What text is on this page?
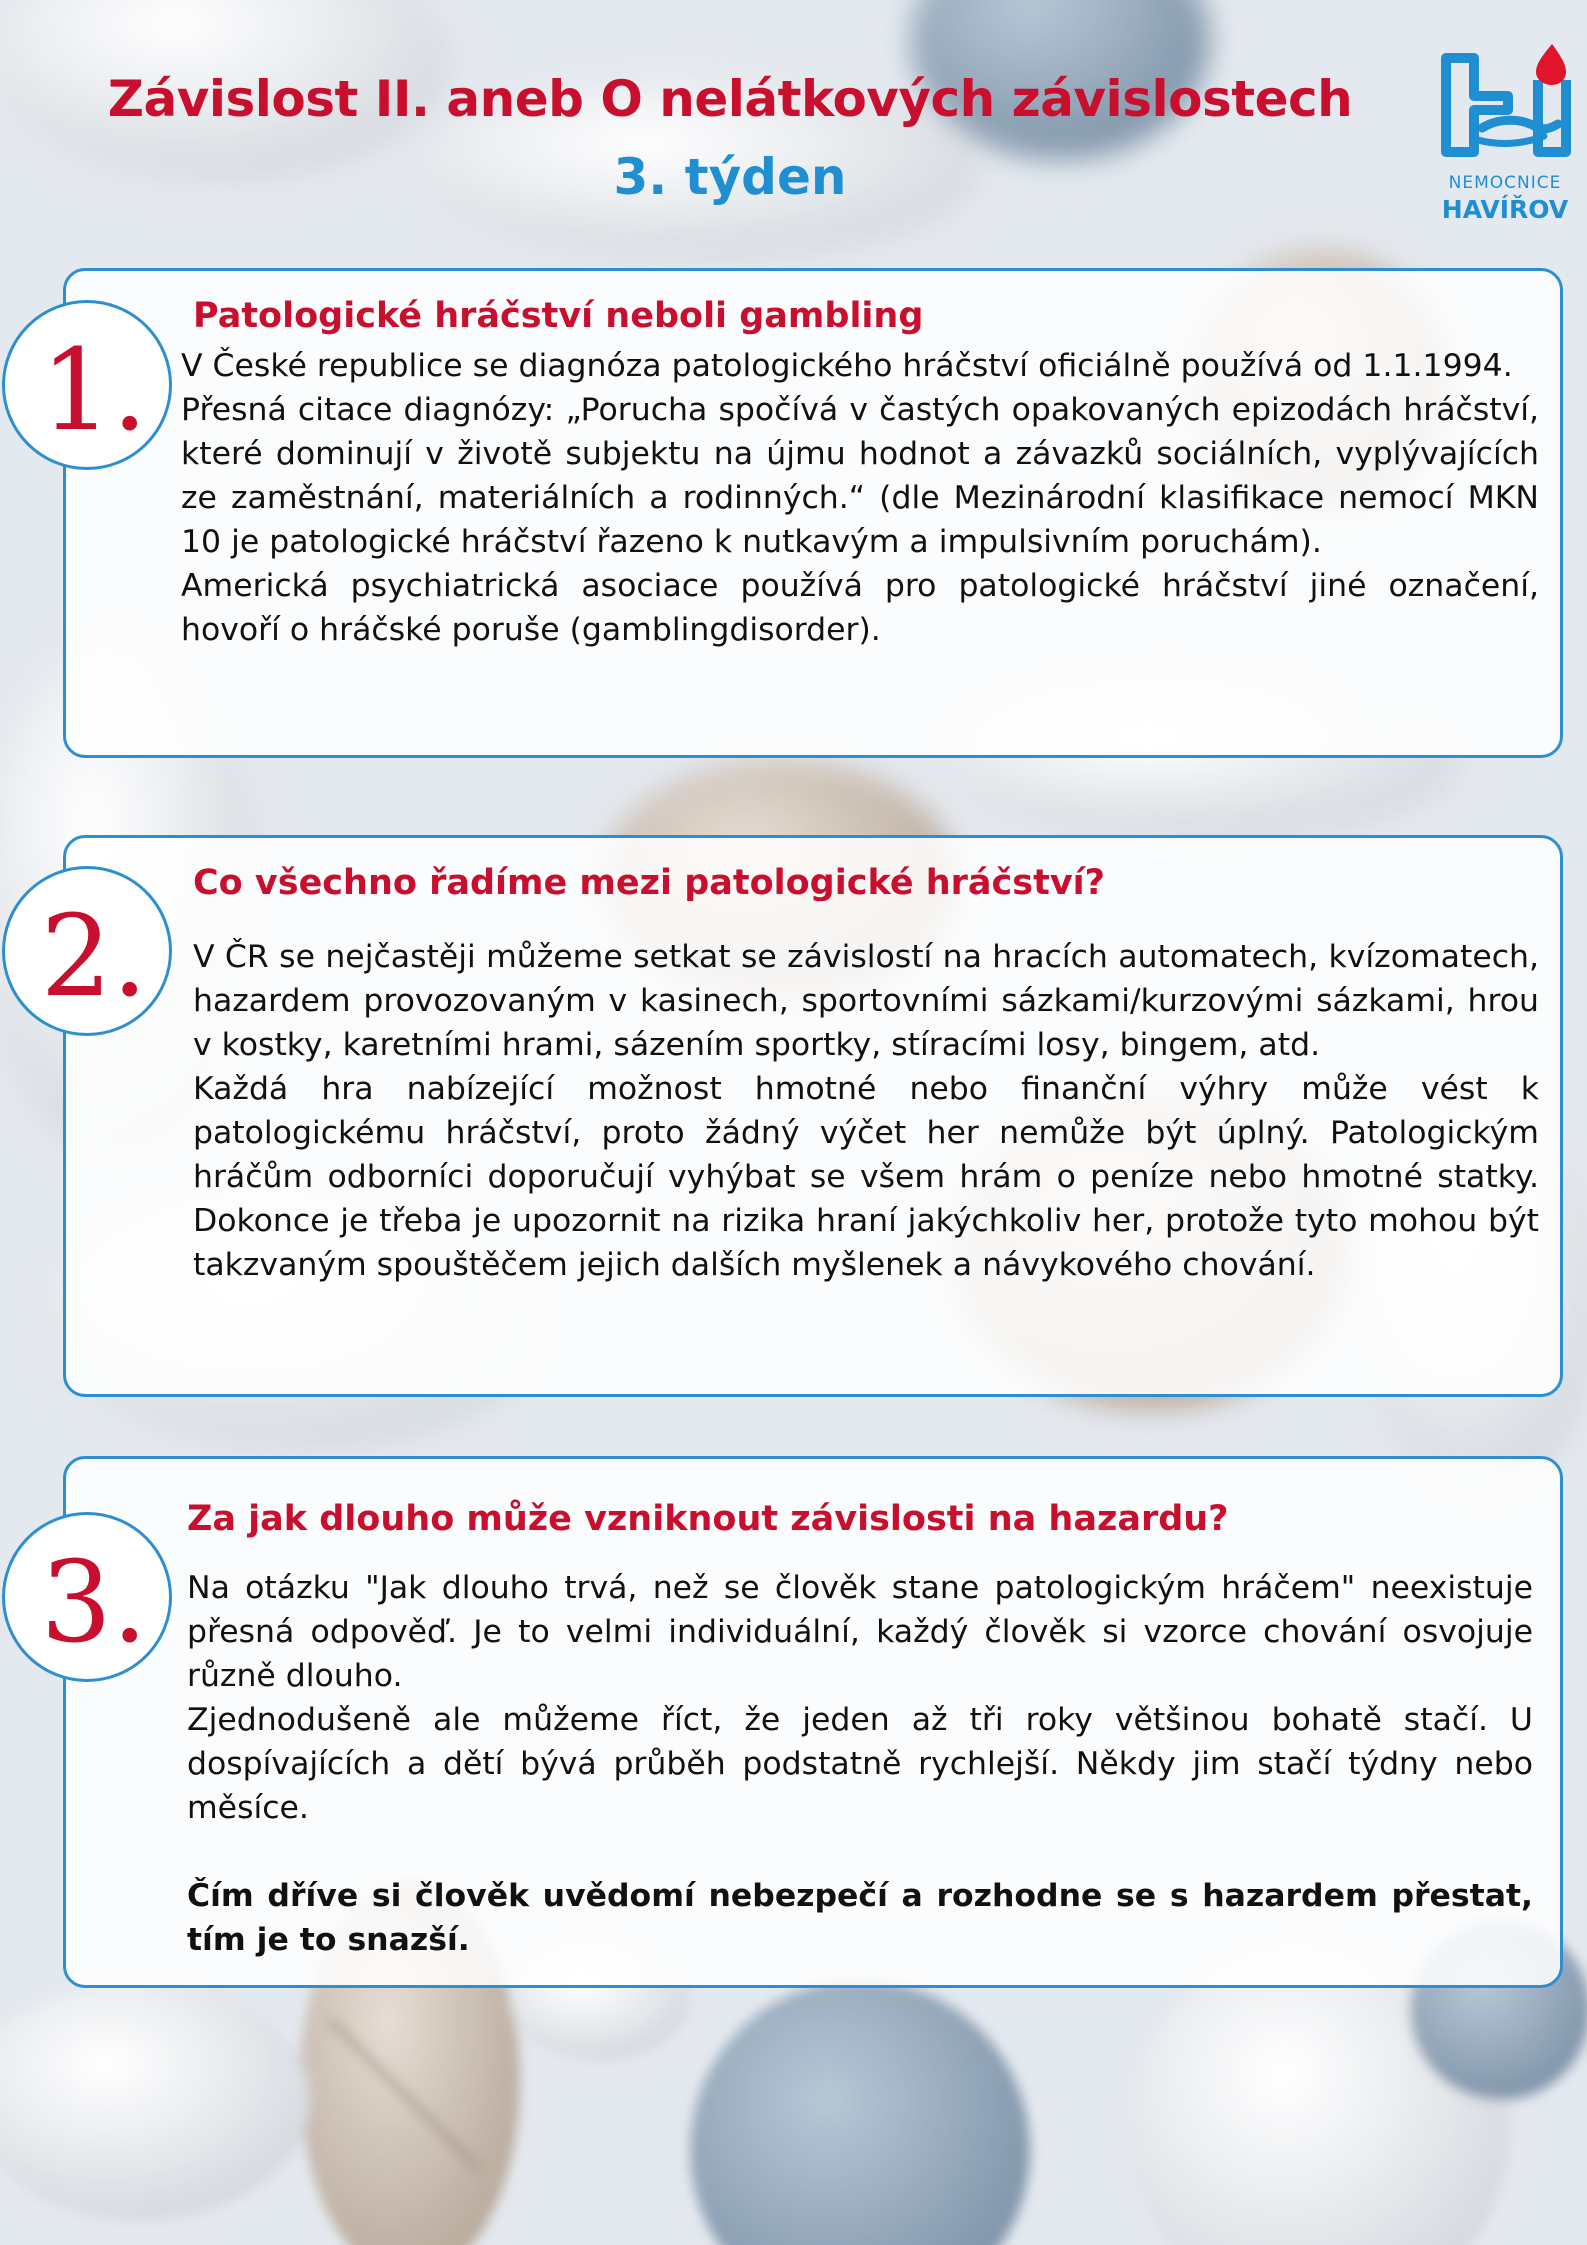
Závislost II. aneb O nelátkových závislostech
3. týden	NEMOCNICE
HAVÍŘOV
Patologické hráčství neboli gambling

V České republice se diagnóza patologického hráčství oficiálně používá od 1.1.1994.

Přesná citace diagnózy: „Porucha spočívá v častých opakovaných epizodách hráčství, které dominují v životě subjektu na újmu hodnot a závazků sociálních, vyplývajících ze zaměstnání, materiálních a rodinných.“ (dle Mezinárodní klasifikace nemocí MKN 10 je patologické hráčství řazeno k nutkavým a impulsivním poruchám).

Americká psychiatrická asociace používá pro patologické hráčství jiné označení, hovoří o hráčské poruše (gamblingdisorder).

1.
Co všechno řadíme mezi patologické hráčství?

V ČR se nejčastěji můžeme setkat se závislostí na hracích automatech, kvízomatech, hazardem provozovaným v kasinech, sportovními sázkami/kurzovými sázkami, hrou v kostky, karetními hrami, sázením sportky, stíracími losy, bingem, atd.

Každá hra nabízející možnost hmotné nebo finanční výhry může vést k patologickému hráčství, proto žádný výčet her nemůže být úplný. Patologickým hráčům odborníci doporučují vyhýbat se všem hrám o peníze nebo hmotné statky. Dokonce je třeba je upozornit na rizika hraní jakýchkoliv her, protože tyto mohou být takzvaným spouštěčem jejich dalších myšlenek a návykového chování.

2.
Za jak dlouho může vzniknout závislosti na hazardu?

Na otázku "Jak dlouho trvá, než se člověk stane patologickým hráčem" neexistuje přesná odpověď. Je to velmi individuální, každý člověk si vzorce chování osvojuje různě dlouho.

Zjednodušeně ale můžeme říct, že jeden až tři roky většinou bohatě stačí. U dospívajících a dětí bývá průběh podstatně rychlejší. Někdy jim stačí týdny nebo měsíce.

Čím dříve si člověk uvědomí nebezpečí a rozhodne se s hazardem přestat, tím je to snazší.

3.
